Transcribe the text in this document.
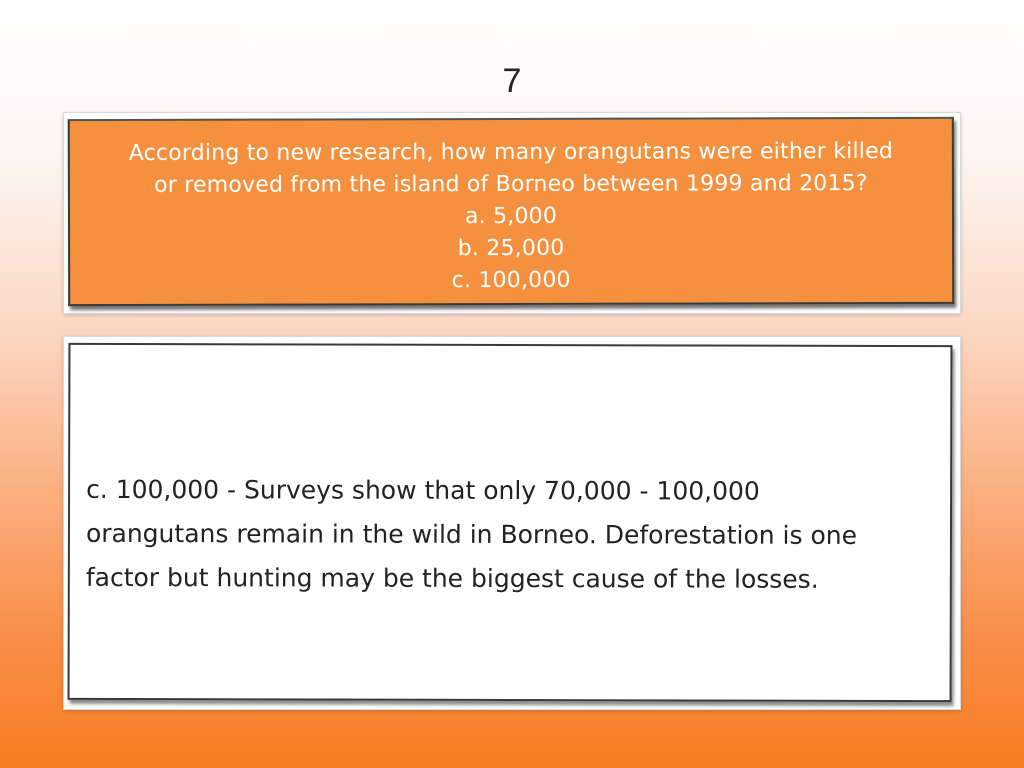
7
According to new research, how many orangutans were either killed
or removed from the island of Borneo between 1999 and 2015?
a. 5,000
b. 25,000
c. 100,000
c. 100,000 - Surveys show that only 70,000 - 100,000
orangutans remain in the wild in Borneo. Deforestation is one
factor but hunting may be the biggest cause of the losses.
